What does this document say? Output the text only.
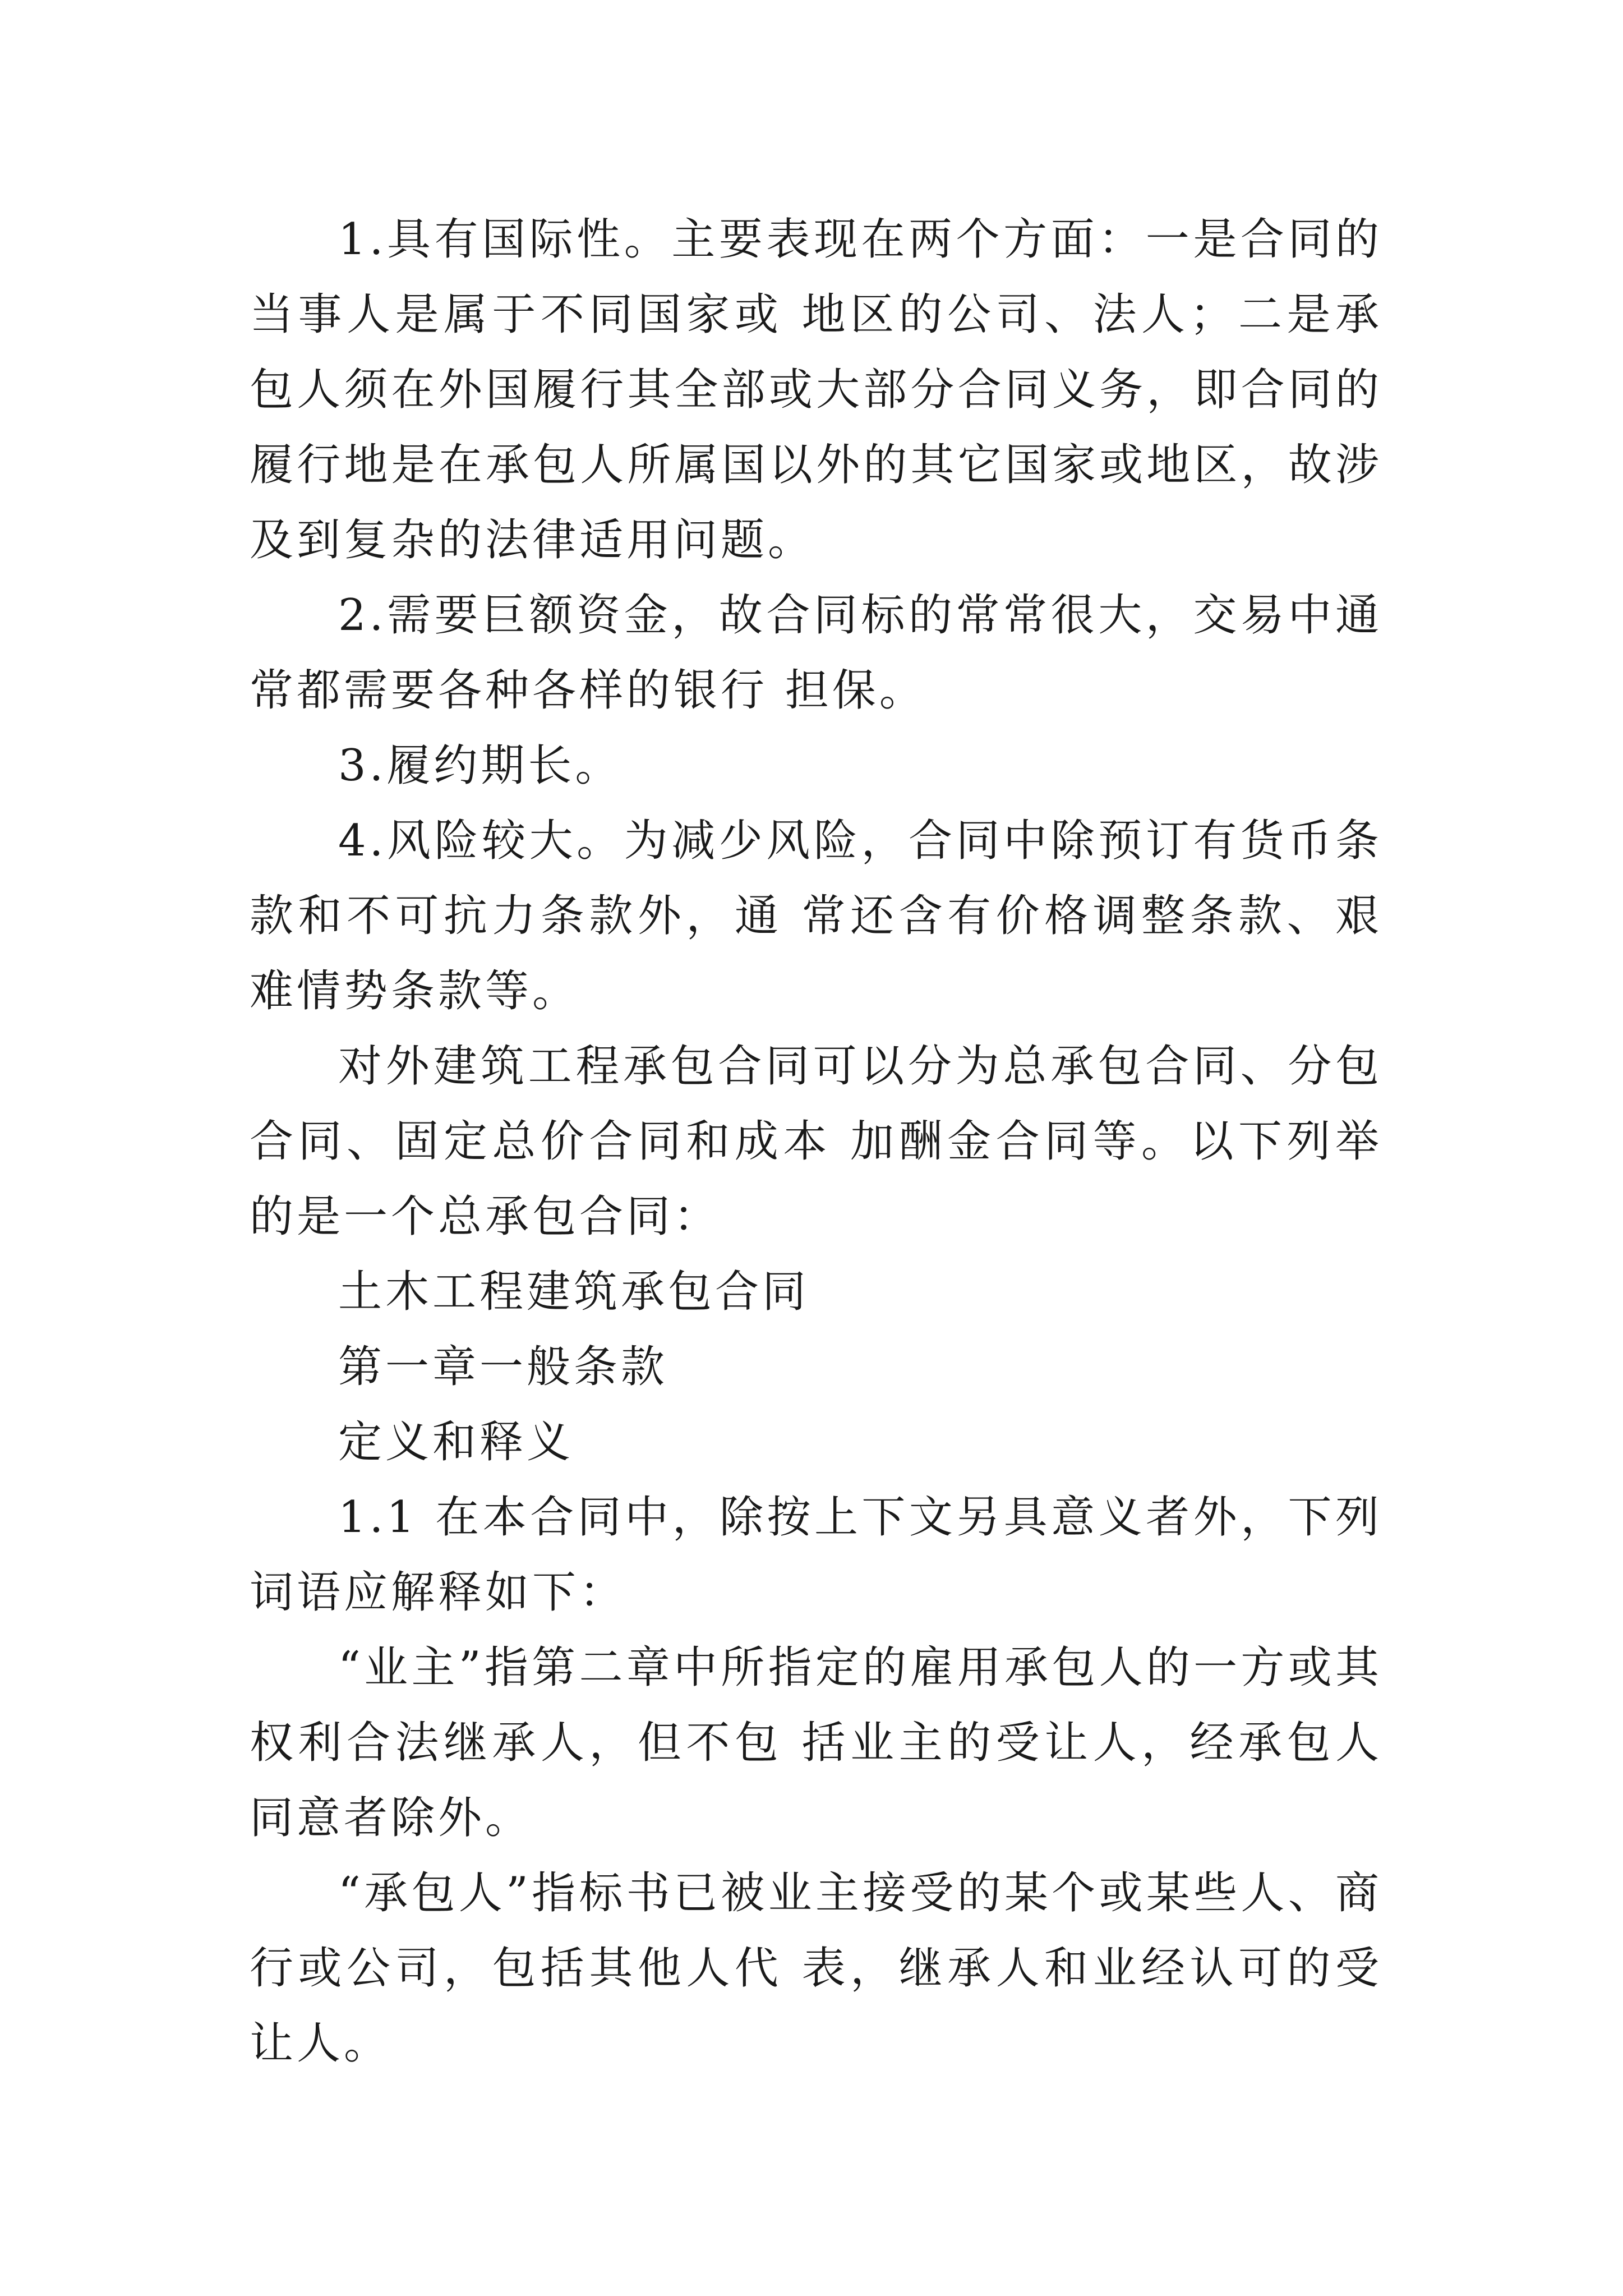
1.具有国际性。主要表现在两个方面：一是合同的当事人是属于不同国家或 地区的公司、法人；二是承包人须在外国履行其全部或大部分合同义务，即合同的 履行地是在承包人所属国以外的其它国家或地区，故涉及到复杂的法律适用问题。

2.需要巨额资金，故合同标的常常很大，交易中通常都需要各种各样的银行 担保。

3.履约期长。

4.风险较大。为减少风险，合同中除预订有货币条款和不可抗力条款外，通 常还含有价格调整条款、艰难情势条款等。

对外建筑工程承包合同可以分为总承包合同、分包合同、固定总价合同和成本 加酬金合同等。以下列举的是一个总承包合同：

土木工程建筑承包合同

第一章一般条款

定义和释义

1.1 在本合同中，除按上下文另具意义者外，下列词语应解释如下：

“业主”指第二章中所指定的雇用承包人的一方或其权利合法继承人，但不包 括业主的受让人，经承包人同意者除外。

“承包人”指标书已被业主接受的某个或某些人、商行或公司，包括其他人代 表，继承人和业经认可的受让人。
